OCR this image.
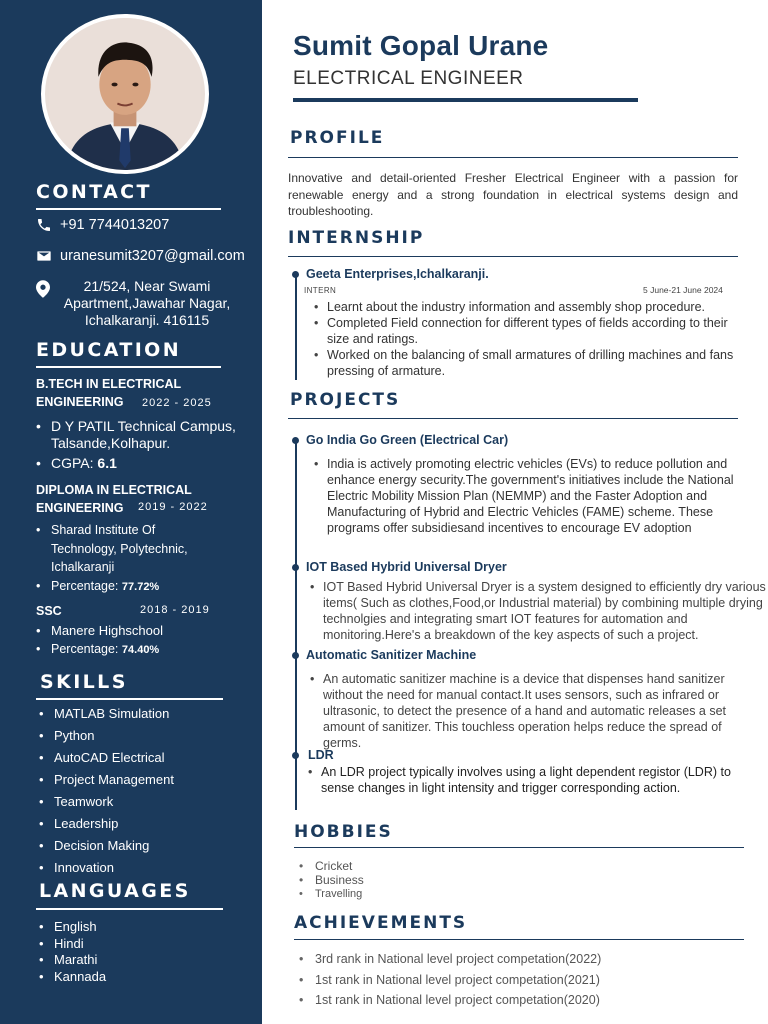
CONTACT
+91 7744013207
uranesumit3207@gmail.com
21/524, Near Swami Apartment,Jawahar Nagar, Ichalkaranji. 416115
EDUCATION
B.TECH IN ELECTRICAL
ENGINEERING	2022 - 2025
• D Y PATIL Technical Campus, Talsande,Kolhapur.
• CGPA: 6.1
DIPLOMA IN ELECTRICAL
ENGINEERING	2019 - 2022
• Sharad Institute Of Technology, Polytechnic, Ichalkaranji
• Percentage: 77.72%
SSC	2018 - 2019
• Manere Highschool
• Percentage: 74.40%
SKILLS
• MATLAB Simulation
• Python
• AutoCAD Electrical
• Project Management
• Teamwork
• Leadership
• Decision Making
• Innovation
LANGUAGES
• English
• Hindi
• Marathi
• Kannada
Sumit Gopal Urane
ELECTRICAL ENGINEER
PROFILE
Innovative and detail-oriented Fresher Electrical Engineer with a passion for renewable energy and a strong foundation in electrical systems design and troubleshooting.
INTERNSHIP
Geeta Enterprises,Ichalkaranji.
INTERN	5 June-21 June 2024
• Learnt about the industry information and assembly shop procedure.
• Completed Field connection for different types of fields according to their size and ratings.
• Worked on the balancing of small armatures of drilling machines and fans pressing of armature.
PROJECTS
Go India Go Green (Electrical Car)
• India is actively promoting electric vehicles (EVs) to reduce pollution and enhance energy security.The government's initiatives include the National Electric Mobility Mission Plan (NEMMP) and the Faster Adoption and Manufacturing of Hybrid and Electric Vehicles (FAME) scheme. These programs offer subsidiesand incentives to encourage EV adoption
IOT Based Hybrid Universal Dryer
• IOT Based Hybrid Universal Dryer is a system designed to efficiently dry various items( Such as clothes,Food,or Industrial material) by combining multiple drying technolgies and integrating smart IOT features for automation and monitoring.Here's a breakdown of the key aspects of such a project.
Automatic Sanitizer Machine
• An automatic sanitizer machine is a device that dispenses hand sanitizer without the need for manual contact.It uses sensors, such as infrared or ultrasonic, to detect the presence of a hand and automatic releases a set amount of sanitizer. This touchless operation helps reduce the spread of germs.
LDR
• An LDR project typically involves using a light dependent registor (LDR) to sense changes in light intensity and trigger corresponding action.
HOBBIES
• Cricket
• Business
• Travelling
ACHIEVEMENTS
• 3rd rank in National level project competation(2022)
• 1st rank in National level project competation(2021)
• 1st rank in National level project competation(2020)
